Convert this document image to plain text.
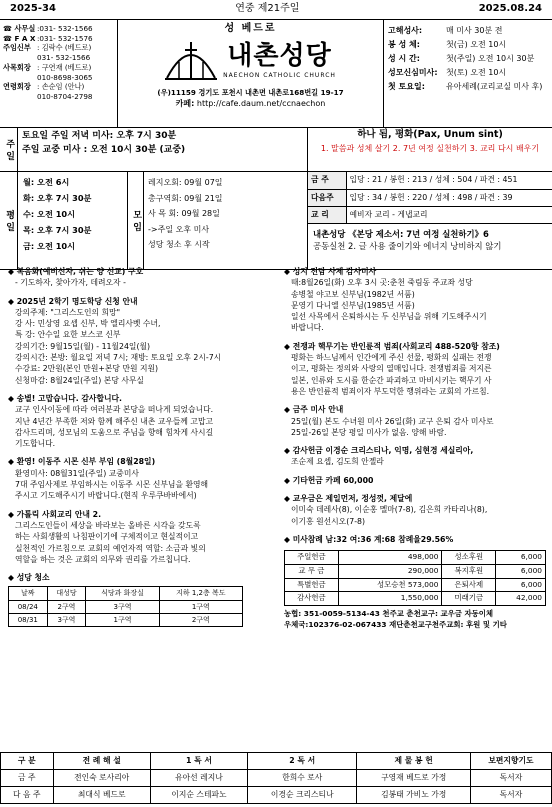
2025-34	연중 제21주일	2025.08.24
☎ 사무실 :031- 532-1566
☎ F A X :031- 532-1576
주임신부 : 김락수 (베드로)
031- 532-1566
사목회장 : 구연재 (베드로)
010-8698-3065
연령회장 : 손순임 (안나)
010-8704-2798
성 베드로
내촌성당
NAECHON CATHOLIC CHURCH
(우)11159 경기도 포천시 내촌면 내촌로168번길 19-17
카페: http://cafe.daum.net/ccnaechon
고해성사:	매 미사 30분 전
봉 성 체:	첫(금) 오전 10시
성 시 간:	첫(주일) 오전 10시 30분
성모신심미사:	첫(토) 오전 10시
첫 토요일:	유아세례(교리교실 미사 후)
주 일
토요일 주일 저녁 미사: 오후 7시 30분
주일 교중 미사 : 오전 10시 30분 (교중)
하나 됨, 평화(Pax, Unum sint)
1. 말씀과 성체 살기 2. 7년 여정 실천하기 3. 교리 다시 배우기
평 일
월: 오전 6시
화: 오후 7시 30분
수: 오전 10시
목: 오후 7시 30분
금: 오전 10시
모 임
레지오회: 09월 07일
총구역회: 09월 21일
사 목 회: 09월 28일
->주일 오후 미사
성당 청소 후 시작
금 주	입당 : 21 / 봉헌 : 213 / 성체 : 504 / 파견 : 451
다음주	입당 : 34 / 봉헌 : 220 / 성체 : 498 / 파견 : 39
교 리	예비자 교리 - 게냅교리
내촌성당 《본당 제소서: 7년 여정 실천하기》6
공동실천 2. 글 사용 줄이기와 에너지 낭비하지 않기

◆ 복음화(예비신자, 쉬는 양 선교) 구호

- 기도하자, 찾아가자, 데려오자 -

◆ 2025년 2학기 명도학당 신청 안내

강의주제: "그리스도인의 희망"

강 사: 민상영 요셉 신부, 박 엘리사벳 수녀,

특 강: 안수일 요한 보스코 신부

강의기간: 9월15일(월) - 11월24일(월)

강의시간: 본방: 월요일 저녁 7시; 재방: 토요일 오후 2시-7시

수강료: 2만원(본인 만원+본당 만원 지원)

신청마감: 8월24일(주일) 본당 사무실

◆ 송별! 고맙습니다. 감사합니다.

교구 인사이동에 따라 여러분과 본당을 떠나게 되었습니다.

지난 4년간 부족한 저와 함께 해주신 내촌 교우들께 고맙고

감사드리며, 성모님의 도움으로 주님을 향해 힘차게 사시길

기도합니다.

◆ 환영! 이동주 시몬 신부 부임 (8월28일)

환영미사: 08월31일(주일) 교중미사

7대 주임사제로 부임하시는 이동주 시몬 신부님을 환영해

주시고 기도해주시기 바랍니다.(현직 우루쿠바바에서)

◆ 가톨릭 사회교리 안내 2.

그리스도인들이 세상을 바라보는 올바른 시각을 갖도록

하는 사회생활의 나침판이기에 구체적이고 현실적이고

실천적인 가르침으로 교회의 예언자적 역할: 소금과 빛의

역할을 하는 것은 교회의 의무와 권리를 가르칩니다.

◆ 성당 청소

날짜	대성당	식당과 화장실	지하 1,2층 복도
08/24	2구역	3구역	1구역
08/31	3구역	1구역	2구역

◆ 성지 전담 사제 감사미사

때:8월26일(화) 오후 3시 곳:춘천 죽림동 주교좌 성당

송병철 야고보 신부님(1982년 서품)

문영기 다니엘 신부님(1985년 서품)

일선 사목에서 은퇴하시는 두 신부님을 위해 기도해주시기

바랍니다.

◆ 전쟁과 핵무기는 반인륜적 범죄(사회교리 488-520항 참조)

평화는 하느님께서 인간에게 주신 선물, 평화의 실패는 전쟁

이고, 평화는 정의와 사랑의 열매입니다. 전쟁범죄를 저지른

일본, 인류와 도시를 한순간 파괴하고 마비시키는 핵무기 사

용은 반인륜적 범죄이자 부도덕한 행위라는 교회의 가르침.

◆ 금주 미사 안내

25일(월) 본도 수녀원 미사 26일(화) 교구 은퇴 감사 미사로

25일-26일 본당 평일 미사가 없음. 양해 바람.

◆ 감사헌금 이경순 크리스티나, 익명, 심현경 세실리아,

조순제 요셉, 김도희 안젤라

◆ 기타헌금 카페 60,000

◆ 교우금은 제일먼저, 정성껏, 제달에

이미숙 데레사(8), 이순홍 멜마(7-8), 김은희 카타리나(8),

이기홍 원선시오(7-8)

◆ 미사참례 남:32 여:36 계:68 참례율29.56%

주일헌금	498,000	성소후원	6,000
교 무 금	290,000	복지후원	6,000
특별헌금	성모승천 573,000	은퇴사제	6,000
감사헌금	1,550,000	미래기금	42,000
농협: 351-0059-5134-43 천주교 춘천교구: 교우금 자동이체
우체국:102376-02-067433 재단춘천교구천주교회: 후원 및 기타
구 분	전 례 해 설	1 독 서	2 독 서	제 물 봉 헌	보편지향기도
금 주	전인숙 로사리아	유아선 레지나	한희수 로사	구영재 베드로 가정	독서자
다 음 주	최대식 베드로	이지순 스테파노	이경순 크리스티나	김봉태 가비노 가정	독서자
